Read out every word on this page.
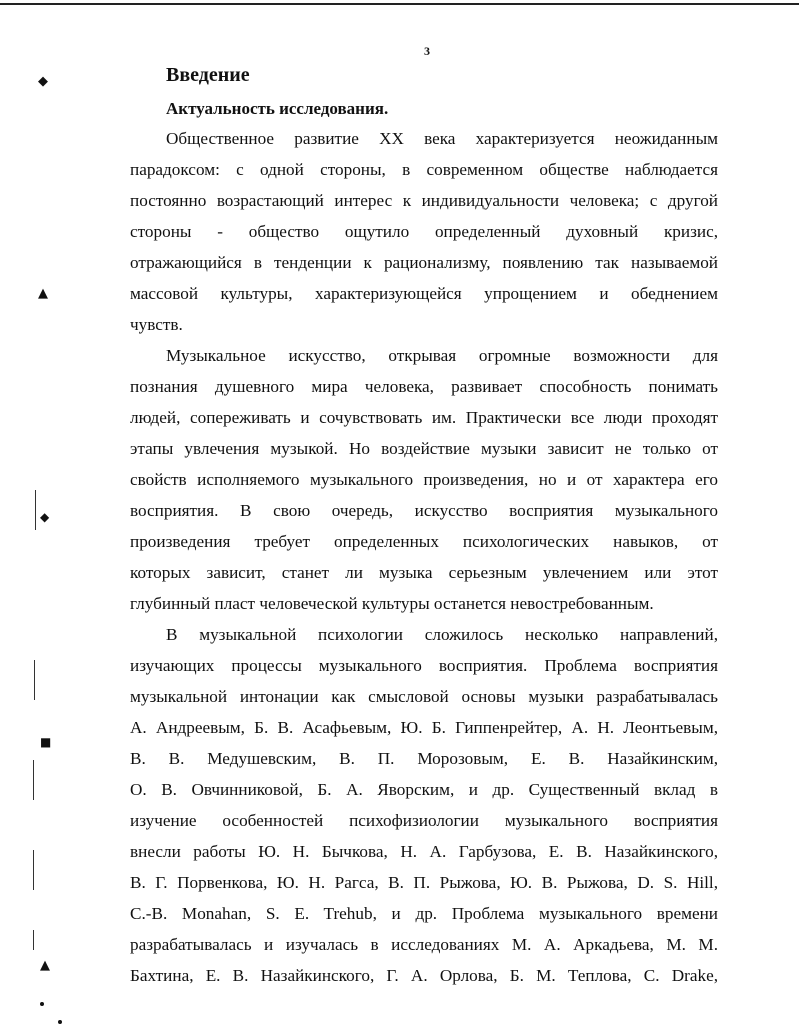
3
Введение
Актуальность исследования.
Общественное развитие XX века характеризуется неожиданным
парадоксом: с одной стороны, в современном обществе наблюдается
постоянно возрастающий интерес к индивидуальности человека; с другой
стороны - общество ощутило определенный духовный кризис,
отражающийся в тенденции к рационализму, появлению так называемой
массовой культуры, характеризующейся упрощением и обеднением
чувств.
Музыкальное искусство, открывая огромные возможности для
познания душевного мира человека, развивает способность понимать
людей, сопереживать и сочувствовать им. Практически все люди проходят
этапы увлечения музыкой. Но воздействие музыки зависит не только от
свойств исполняемого музыкального произведения, но и от характера его
восприятия. В свою очередь, искусство восприятия музыкального
произведения требует определенных психологических навыков, от
которых зависит, станет ли музыка серьезным увлечением или этот
глубинный пласт человеческой культуры останется невостребованным.
В музыкальной психологии сложилось несколько направлений,
изучающих процессы музыкального восприятия. Проблема восприятия
музыкальной интонации как смысловой основы музыки разрабатывалась
А. Андреевым, Б. В. Асафьевым, Ю. Б. Гиппенрейтер, А. Н. Леонтьевым,
В. В. Медушевским, В. П. Морозовым, Е. В. Назайкинским,
О. В. Овчинниковой, Б. А. Яворским, и др. Существенный вклад в
изучение особенностей психофизиологии музыкального восприятия
внесли работы Ю. Н. Бычкова, Н. А. Гарбузова, Е. В. Назайкинского,
В. Г. Порвенкова, Ю. Н. Рагса, В. П. Рыжова, Ю. В. Рыжова, D. S. Hill,
C.-B. Monahan, S. E. Trehub, и др. Проблема музыкального времени
разрабатывалась и изучалась в исследованиях М. А. Аркадьева, М. М.
Бахтина, Е. В. Назайкинского, Г. А. Орлова, Б. М. Теплова, C. Drake,
◆
▲
◆
■
▲
